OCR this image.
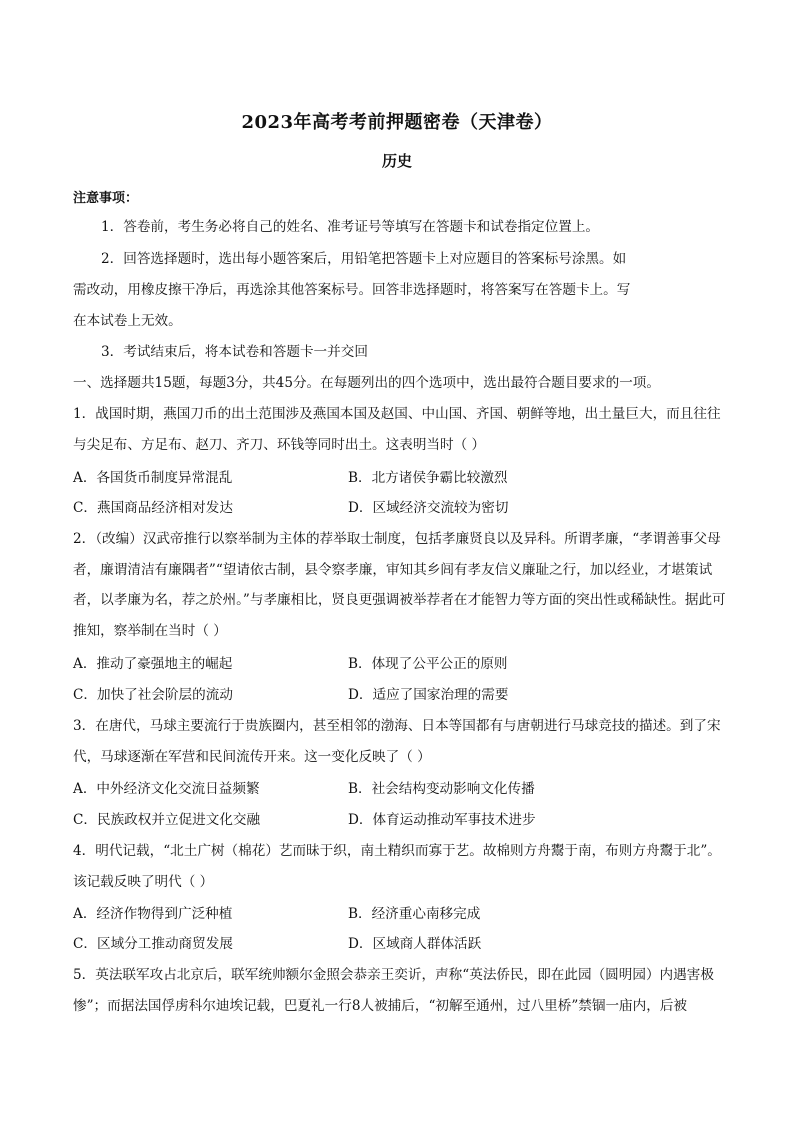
2023年高考考前押题密卷（天津卷）
历史
注意事项：
1．答卷前，考生务必将自己的姓名、准考证号等填写在答题卡和试卷指定位置上。
2．回答选择题时，选出每小题答案后，用铅笔把答题卡上对应题目的答案标号涂黑。如
需改动，用橡皮擦干净后，再选涂其他答案标号。回答非选择题时，将答案写在答题卡上。写
在本试卷上无效。
3．考试结束后，将本试卷和答题卡一并交回
一、选择题共15题，每题3分，共45分。在每题列出的四个选项中，选出最符合题目要求的一项。
1．战国时期，燕国刀币的出土范围涉及燕国本国及赵国、中山国、齐国、朝鲜等地，出土量巨大，而且往往与尖足布、方足布、赵刀、齐刀、环钱等同时出土。这表明当时（ ）
A．各国货币制度异常混乱	B．北方诸侯争霸比较激烈
C．燕国商品经济相对发达	D．区域经济交流较为密切
2．（改编）汉武帝推行以察举制为主体的荐举取士制度，包括孝廉贤良以及异科。所谓孝廉，“孝谓善事父母者，廉谓清洁有廉隅者”“望请依古制，县令察孝廉，审知其乡闾有孝友信义廉耻之行，加以经业，才堪策试者，以孝廉为名，荐之於州。”与孝廉相比，贤良更强调被举荐者在才能智力等方面的突出性或稀缺性。据此可推知，察举制在当时（ ）
A．推动了豪强地主的崛起	B．体现了公平公正的原则
C．加快了社会阶层的流动	D．适应了国家治理的需要
3．在唐代，马球主要流行于贵族圈内，甚至相邻的渤海、日本等国都有与唐朝进行马球竞技的描述。到了宋代，马球逐渐在军营和民间流传开来。这一变化反映了（ ）
A．中外经济文化交流日益频繁	B．社会结构变动影响文化传播
C．民族政权并立促进文化交融	D．体育运动推动军事技术进步
4．明代记载，“北土广树（棉花）艺而昧于织，南土精织而寡于艺。故棉则方舟鬻于南，布则方舟鬻于北”。该记载反映了明代（ ）
A．经济作物得到广泛种植	B．经济重心南移完成
C．区域分工推动商贸发展	D．区域商人群体活跃
5．英法联军攻占北京后，联军统帅额尔金照会恭亲王奕䜣，声称“英法侨民，即在此园（圆明园）内遇害极惨”；而据法国俘虏科尔迪埃记载，巴夏礼一行8人被捕后，“初解至通州，过八里桥”禁锢一庙内，后被
